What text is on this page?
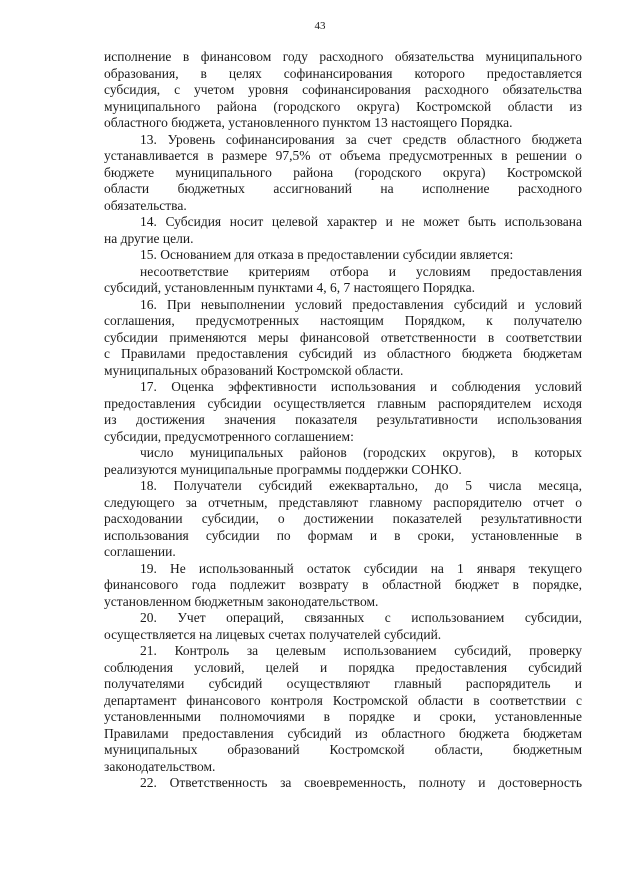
43
исполнение в финансовом году расходного обязательства муниципального
образования, в целях софинансирования которого предоставляется
субсидия, с учетом уровня софинансирования расходного обязательства
муниципального района (городского округа) Костромской области из
областного бюджета, установленного пунктом 13 настоящего Порядка.
13. Уровень софинансирования за счет средств областного бюджета
устанавливается в размере 97,5% от объема предусмотренных в решении о
бюджете муниципального района (городского округа) Костромской
области бюджетных ассигнований на исполнение расходного
обязательства.
14. Субсидия носит целевой характер и не может быть использована
на другие цели.
15. Основанием для отказа в предоставлении субсидии является:
несоответствие критериям отбора и условиям предоставления
субсидий, установленным пунктами 4, 6, 7 настоящего Порядка.
16. При невыполнении условий предоставления субсидий и условий
соглашения, предусмотренных настоящим Порядком, к получателю
субсидии применяются меры финансовой ответственности в соответствии
с Правилами предоставления субсидий из областного бюджета бюджетам
муниципальных образований Костромской области.
17. Оценка эффективности использования и соблюдения условий
предоставления субсидии осуществляется главным распорядителем исходя
из достижения значения показателя результативности использования
субсидии, предусмотренного соглашением:
число муниципальных районов (городских округов), в которых
реализуются муниципальные программы поддержки СОНКО.
18. Получатели субсидий ежеквартально, до 5 числа месяца,
следующего за отчетным, представляют главному распорядителю отчет о
расходовании субсидии, о достижении показателей результативности
использования субсидии по формам и в сроки, установленные в
соглашении.
19. Не использованный остаток субсидии на 1 января текущего
финансового года подлежит возврату в областной бюджет в порядке,
установленном бюджетным законодательством.
20. Учет операций, связанных с использованием субсидии,
осуществляется на лицевых счетах получателей субсидий.
21. Контроль за целевым использованием субсидий, проверку
соблюдения условий, целей и порядка предоставления субсидий
получателями субсидий осуществляют главный распорядитель и
департамент финансового контроля Костромской области в соответствии с
установленными полномочиями в порядке и сроки, установленные
Правилами предоставления субсидий из областного бюджета бюджетам
муниципальных образований Костромской области, бюджетным
законодательством.
22. Ответственность за своевременность, полноту и достоверность
